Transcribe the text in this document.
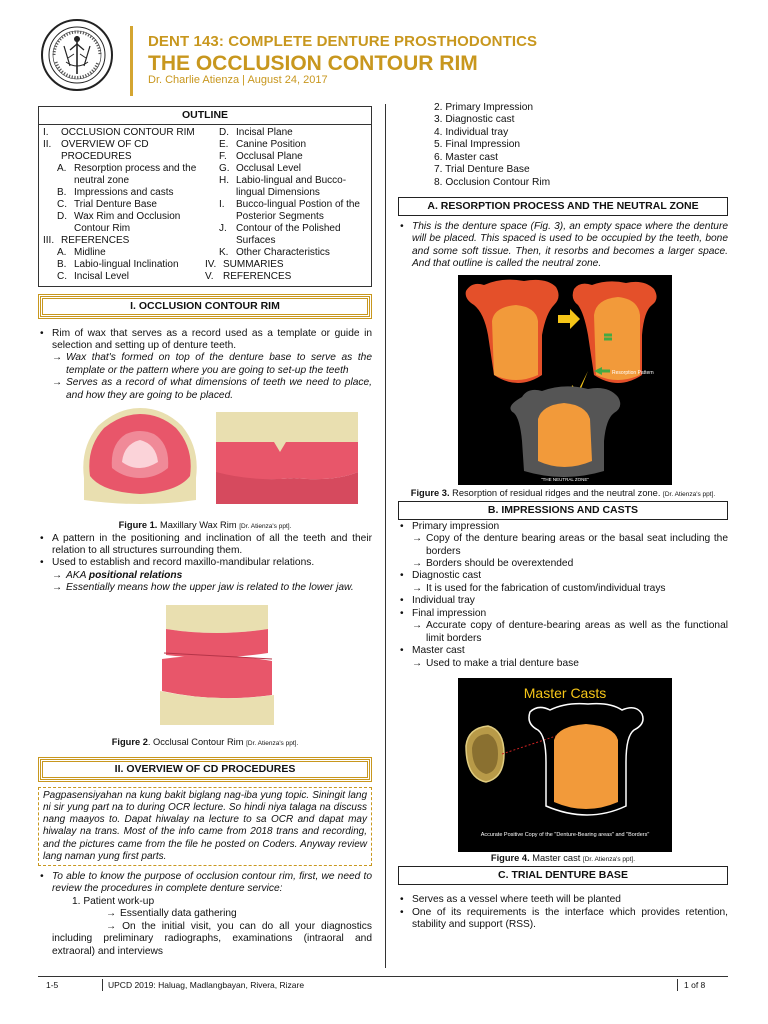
DENT 143: COMPLETE DENTURE PROSTHODONTICS
THE OCCLUSION CONTOUR RIM
Dr. Charlie Atienza | August 24, 2017
OUTLINE
I.	OCCLUSION CONTOUR RIM
II. OVERVIEW OF CD PROCEDURES
A. Resorption process and the neutral zone
B. Impressions and casts
C. Trial Denture Base
D. Wax Rim and Occlusion Contour Rim
III. REFERENCES
A. Midline
B. Labio-lingual Inclination
C. Incisal Level
D. Incisal Plane
E. Canine Position
F. Occlusal Plane
G. Occlusal Level
H. Labio-lingual and Bucco-lingual Dimensions
I.	Bucco-lingual Postion of the Posterior Segments
J. Contour of the Polished Surfaces
K. Other Characteristics
IV. SUMMARIES
V. REFERENCES
I. OCCLUSION CONTOUR RIM
• Rim of wax that serves as a record used as a template or guide in selection and setting up of denture teeth.
→ Wax that's formed on top of the denture base to serve as the template or the pattern where you are going to set-up the teeth
→ Serves as a record of what dimensions of teeth we need to place, and how they are going to be placed.
Figure 1. Maxillary Wax Rim [Dr. Atienza's ppt].
• A pattern in the positioning and inclination of all the teeth and their relation to all structures surrounding them.
• Used to establish and record maxillo-mandibular relations.
→ AKA positional relations
→ Essentially means how the upper jaw is related to the lower jaw.
Figure 2. Occlusal Contour Rim [Dr. Atienza's ppt].
II. OVERVIEW OF CD PROCEDURES
Pagpasensiyahan na kung bakit biglang nag-iba yung topic. Siningit lang ni sir yung part na to during OCR lecture. So hindi niya talaga na discuss nang maayos to. Dapat hiwalay na lecture to sa OCR and dapat may hiwalay na trans. Most of the info came from 2018 trans and recording, and the pictures came from the file he posted on Coders. Anyway review lang naman yung first parts.
• To able to know the purpose of occlusion contour rim, first, we need to review the procedures in complete denture service:
1. Patient work-up
→ Essentially data gathering
→ On the initial visit, you can do all your diagnostics including preliminary radiographs, examinations (intraoral and extraoral) and interviews
2. Primary Impression
3. Diagnostic cast
4. Individual tray
5. Final Impression
6. Master cast
7. Trial Denture Base
8. Occlusion Contour Rim
A. RESORPTION PROCESS AND THE NEUTRAL ZONE
• This is the denture space (Fig. 3), an empty space where the denture will be placed. This spaced is used to be occupied by the teeth, bone and some soft tissue. Then, it resorbs and becomes a larger space. And that outline is called the neutral zone.
Resorption Pattern
"THE NEUTRAL ZONE"
Figure 3. Resorption of residual ridges and the neutral zone. [Dr. Atienza's ppt].
B. IMPRESSIONS AND CASTS
• Primary impression
→ Copy of the denture bearing areas or the basal seat including the borders
→ Borders should be overextended
• Diagnostic cast
→ It is used for the fabrication of custom/individual trays
• Individual tray
• Final impression
→ Accurate copy of denture-bearing areas as well as the functional limit borders
• Master cast
→ Used to make a trial denture base
Master Casts
Accurate Positive Copy of the "Denture-Bearing areas" and "Borders"
Figure 4. Master cast [Dr. Atienza's ppt].
C. TRIAL DENTURE BASE
• Serves as a vessel where teeth will be planted
• One of its requirements is the interface which provides retention, stability and support (RSS).
1-5	UPCD 2019: Haluag, Madlangbayan, Rivera, Rizare	1 of 8
